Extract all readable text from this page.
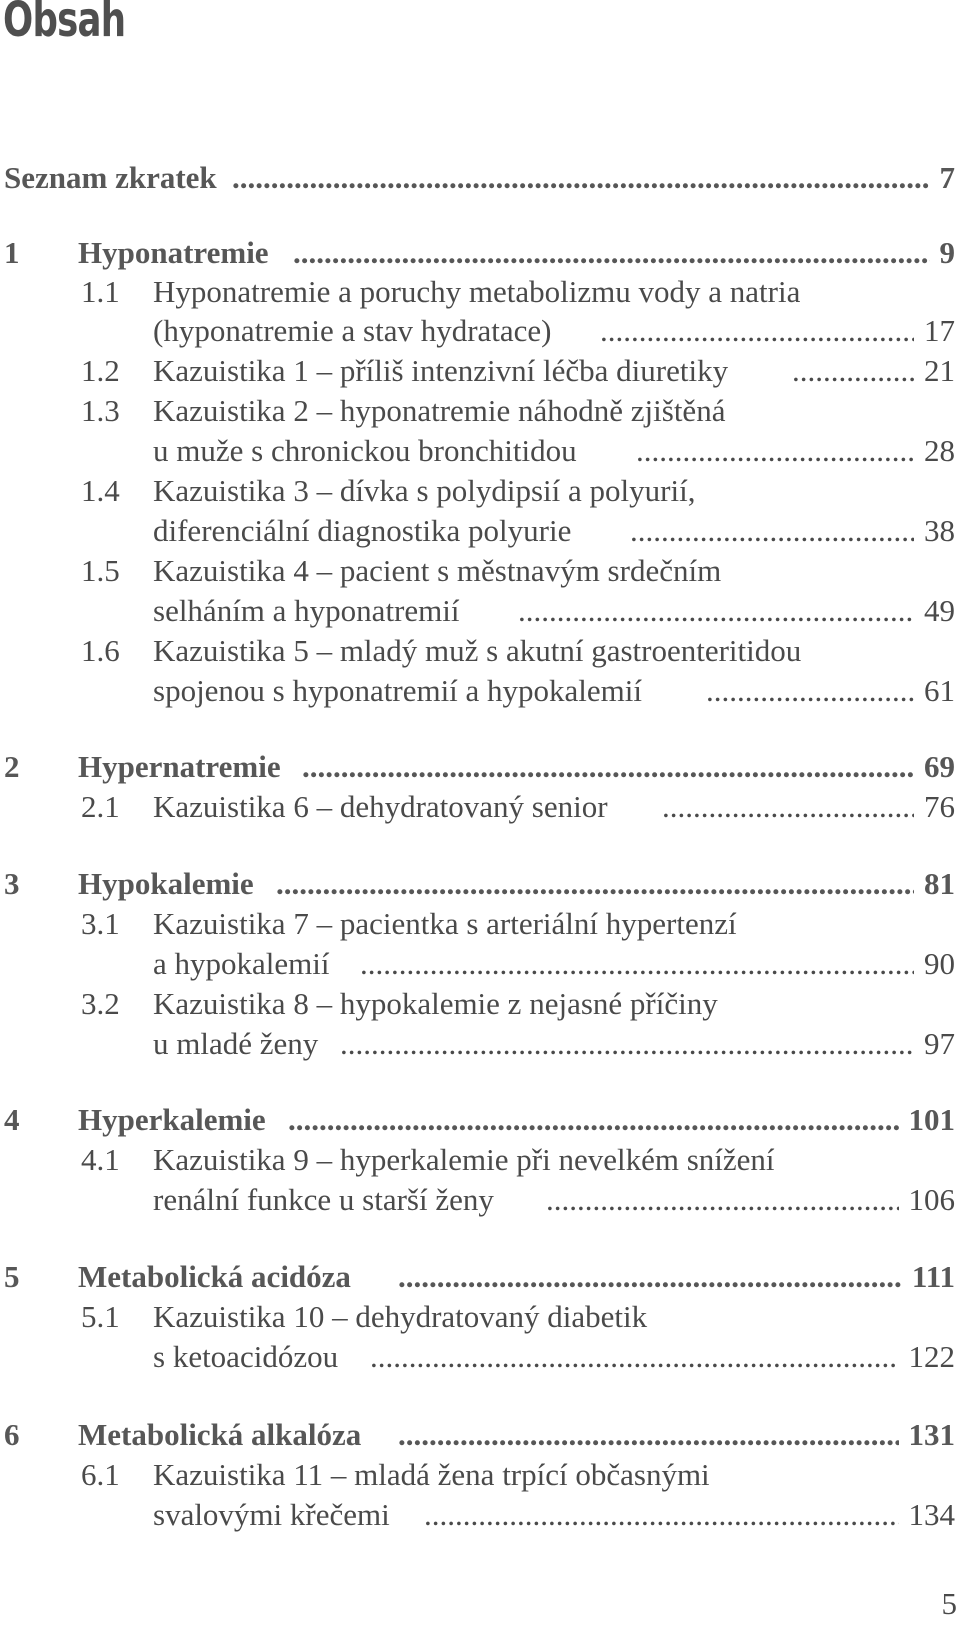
Obsah
Seznam zkratek .....	7
1 Hyponatremie .....	9
1.1 Hyponatremie a poruchy metabolizmu vody a natria
(hyponatremie a stav hydratace) .....	17
1.2 Kazuistika 1 – příliš intenzivní léčba diuretiky .....	21
1.3 Kazuistika 2 – hyponatremie náhodně zjištěná
u muže s chronickou bronchitidou .....	28
1.4 Kazuistika 3 – dívka s polydipsií a polyurií,
diferenciální diagnostika polyurie .....	38
1.5 Kazuistika 4 – pacient s městnavým srdečním
selháním a hyponatremií .....	49
1.6 Kazuistika 5 – mladý muž s akutní gastroenteritidou
spojenou s hyponatremií a hypokalemií .....	61
2 Hypernatremie .....	69
2.1 Kazuistika 6 – dehydratovaný senior .....	76
3 Hypokalemie .....	81
3.1 Kazuistika 7 – pacientka s arteriální hypertenzí
a hypokalemií .....	90
3.2 Kazuistika 8 – hypokalemie z nejasné příčiny
u mladé ženy .....	97
4 Hyperkalemie .....	101
4.1 Kazuistika 9 – hyperkalemie při nevelkém snížení
renální funkce u starší ženy .....	106
5 Metabolická acidóza .....	111
5.1 Kazuistika 10 – dehydratovaný diabetik
s ketoacidózou .....	122
6 Metabolická alkalóza .....	131
6.1 Kazuistika 11 – mladá žena trpící občasnými
svalovými křečemi .....	134
5
